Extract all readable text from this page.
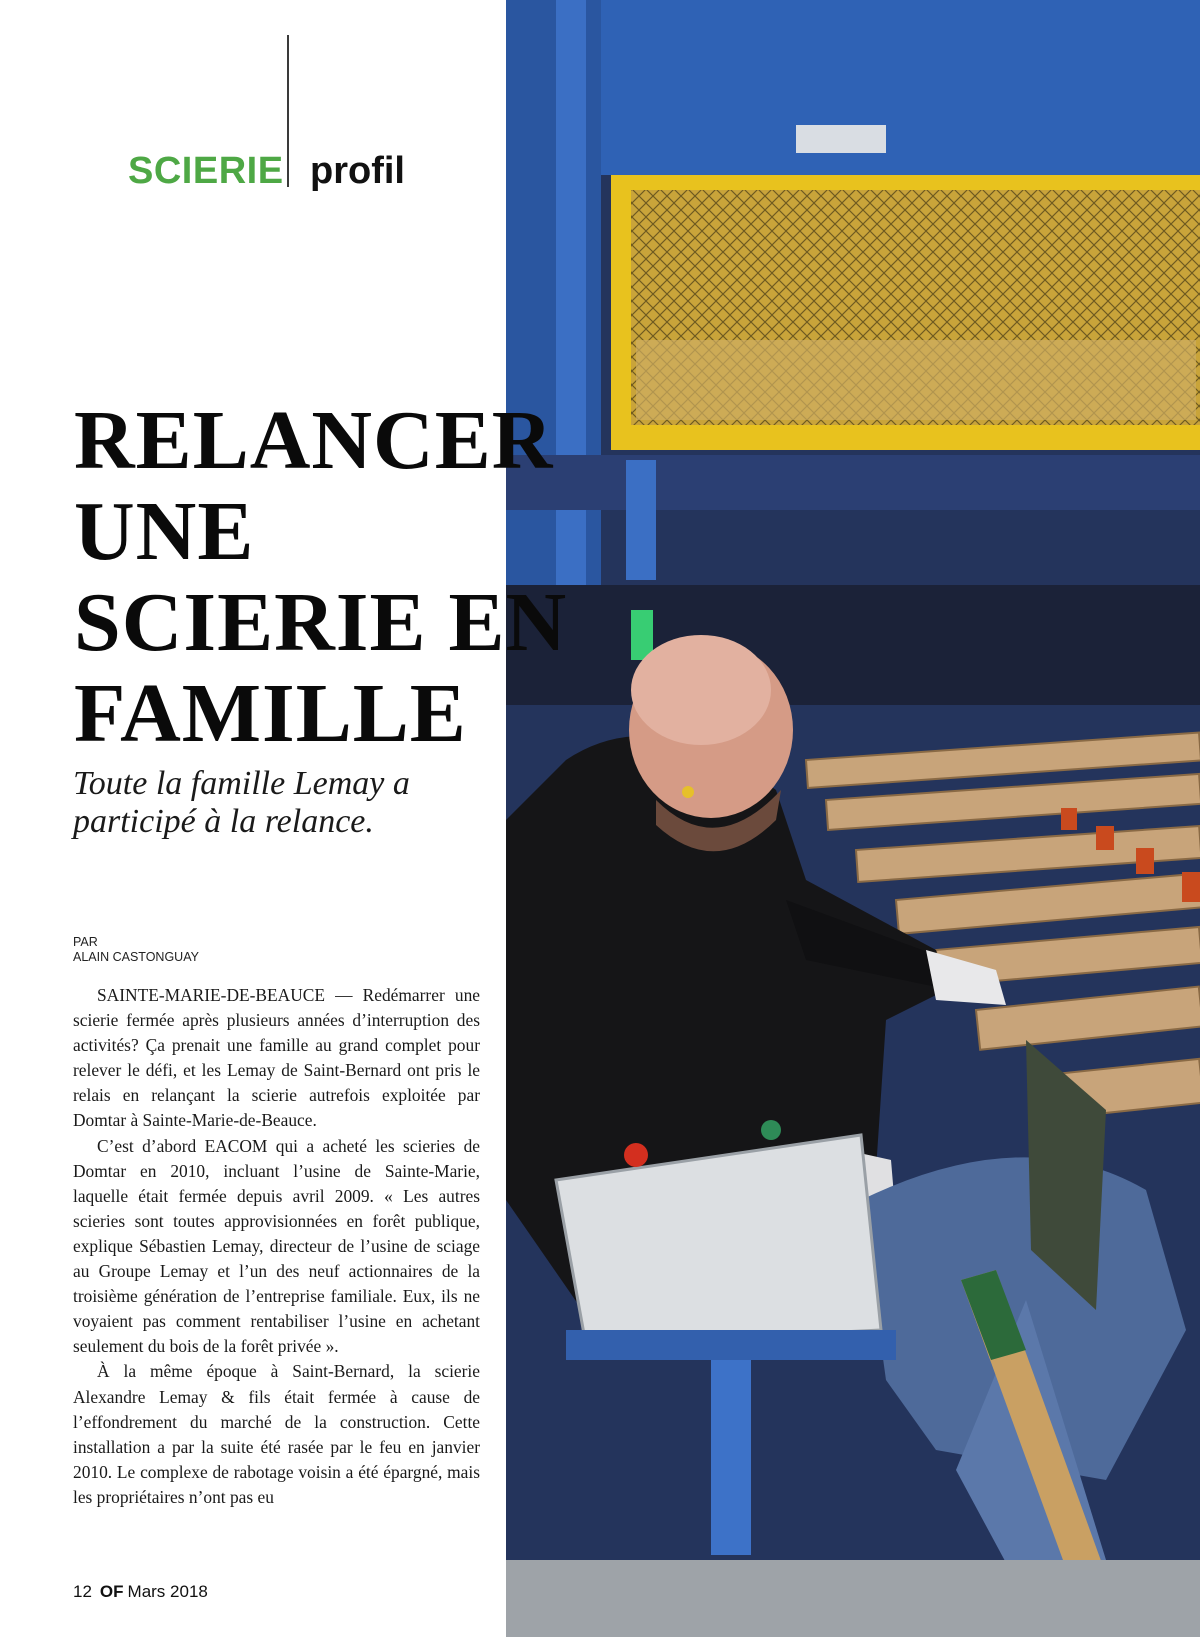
SCIERIE profil
RELANCER
UNE
SCIERIE EN
FAMILLE

Toute la famille Lemay a participé à la relance.

PAR
ALAIN CASTONGUAY

SAINTE-MARIE-DE-BEAUCE — Redémarrer une scierie fermée après plusieurs années d’interruption des activités? Ça prenait une famille au grand complet pour relever le défi, et les Lemay de Saint-Bernard ont pris le relais en relançant la scierie autrefois exploitée par Domtar à Sainte-Marie-de-Beauce.

C’est d’abord EACOM qui a acheté les scieries de Domtar en 2010, incluant l’usine de Sainte-Marie, laquelle était fermée depuis avril 2009. « Les autres scieries sont toutes approvisionnées en forêt publique, explique Sébastien Lemay, directeur de l’usine de sciage au Groupe Lemay et l’un des neuf actionnaires de la troisième génération de l’entreprise familiale. Eux, ils ne voyaient pas comment rentabiliser l’usine en achetant seulement du bois de la forêt privée ».

À la même époque à Saint-Bernard, la scierie Alexandre Lemay & fils était fermée à cause de l’effondrement du marché de la construction. Cette installation a par la suite été rasée par le feu en janvier 2010. Le complexe de rabotage voisin a été épargné, mais les propriétaires n’ont pas eu

12 OF Mars 2018
